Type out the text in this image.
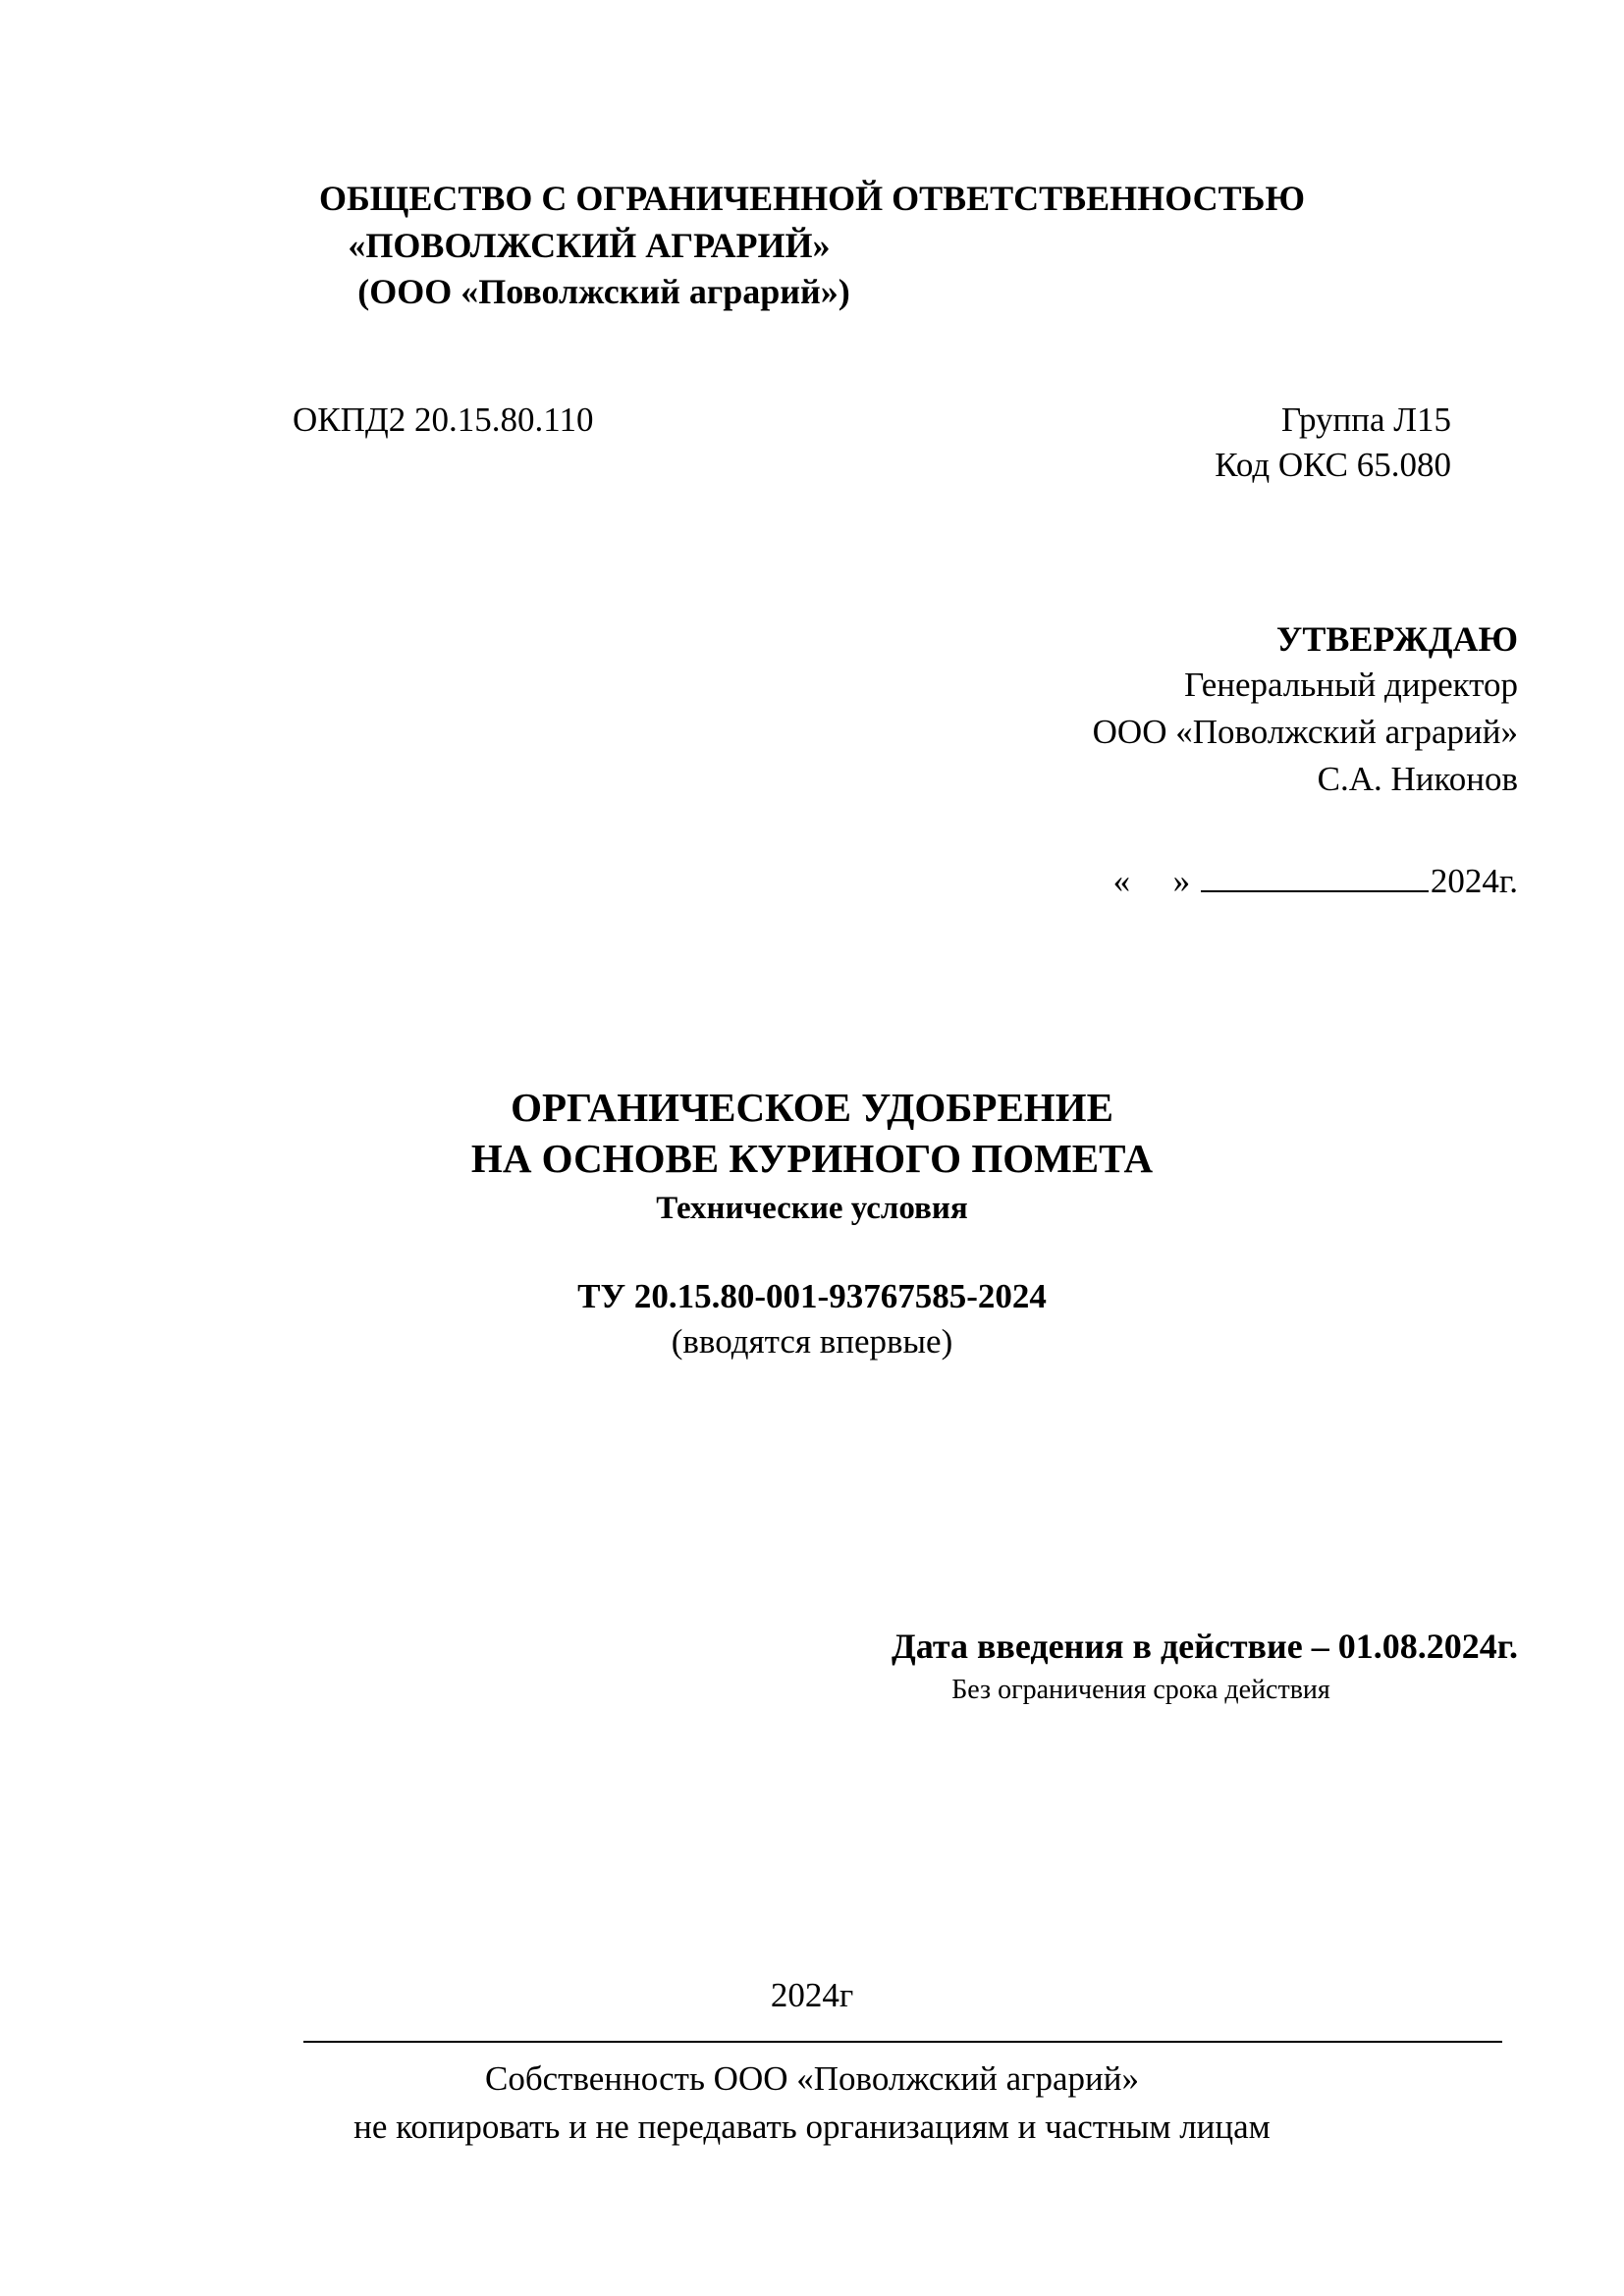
ОБЩЕСТВО С ОГРАНИЧЕННОЙ ОТВЕТСТВЕННОСТЬЮ
«ПОВОЛЖСКИЙ АГРАРИЙ»
(ООО «Поволжский аграрий»)
ОКПД2 20.15.80.110	Группа Л15
Код ОКС 65.080
УТВЕРЖДАЮ
Генеральный директор
ООО «Поволжский аграрий»
С.А. Никонов
« »	2024г.
ОРГАНИЧЕСКОЕ УДОБРЕНИЕ
НА ОСНОВЕ КУРИНОГО ПОМЕТА
Технические условия
ТУ 20.15.80-001-93767585-2024
(вводятся впервые)
Дата введения в действие – 01.08.2024г.
Без ограничения срока действия
2024г
Собственность ООО «Поволжский аграрий»
не копировать и не передавать организациям и частным лицам
